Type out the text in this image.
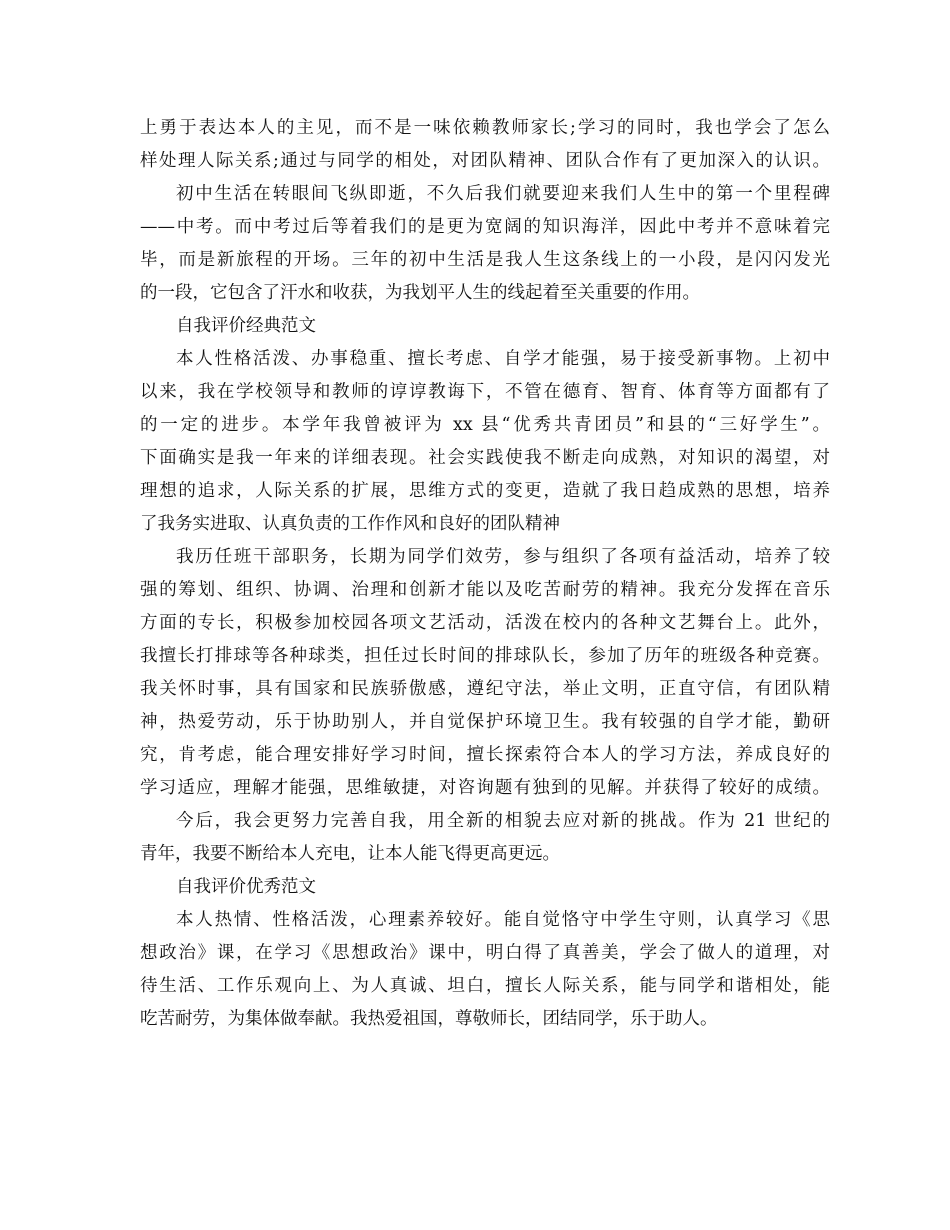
上勇于表达本人的主见，而不是一味依赖教师家长;学习的同时，我也学会了怎么
样处理人际关系;通过与同学的相处，对团队精神、团队合作有了更加深入的认识。
初中生活在转眼间飞纵即逝，不久后我们就要迎来我们人生中的第一个里程碑
——中考。而中考过后等着我们的是更为宽阔的知识海洋，因此中考并不意味着完
毕，而是新旅程的开场。三年的初中生活是我人生这条线上的一小段，是闪闪发光
的一段，它包含了汗水和收获，为我划平人生的线起着至关重要的作用。
自我评价经典范文
本人性格活泼、办事稳重、擅长考虑、自学才能强，易于接受新事物。上初中
以来，我在学校领导和教师的谆谆教诲下，不管在德育、智育、体育等方面都有了
的一定的进步。本学年我曾被评为 xx 县“优秀共青团员”和县的“三好学生”。
下面确实是我一年来的详细表现。社会实践使我不断走向成熟，对知识的渴望，对
理想的追求，人际关系的扩展，思维方式的变更，造就了我日趋成熟的思想，培养
了我务实进取、认真负责的工作作风和良好的团队精神
我历任班干部职务，长期为同学们效劳，参与组织了各项有益活动，培养了较
强的筹划、组织、协调、治理和创新才能以及吃苦耐劳的精神。我充分发挥在音乐
方面的专长，积极参加校园各项文艺活动，活泼在校内的各种文艺舞台上。此外，
我擅长打排球等各种球类，担任过长时间的排球队长，参加了历年的班级各种竞赛。
我关怀时事，具有国家和民族骄傲感，遵纪守法，举止文明，正直守信，有团队精
神，热爱劳动，乐于协助别人，并自觉保护环境卫生。我有较强的自学才能，勤研
究，肯考虑，能合理安排好学习时间，擅长探索符合本人的学习方法，养成良好的
学习适应，理解才能强，思维敏捷，对咨询题有独到的见解。并获得了较好的成绩。
今后，我会更努力完善自我，用全新的相貌去应对新的挑战。作为 21 世纪的
青年，我要不断给本人充电，让本人能飞得更高更远。
自我评价优秀范文
本人热情、性格活泼，心理素养较好。能自觉恪守中学生守则，认真学习《思
想政治》课，在学习《思想政治》课中，明白得了真善美，学会了做人的道理，对
待生活、工作乐观向上、为人真诚、坦白，擅长人际关系，能与同学和谐相处，能
吃苦耐劳，为集体做奉献。我热爱祖国，尊敬师长，团结同学，乐于助人。
